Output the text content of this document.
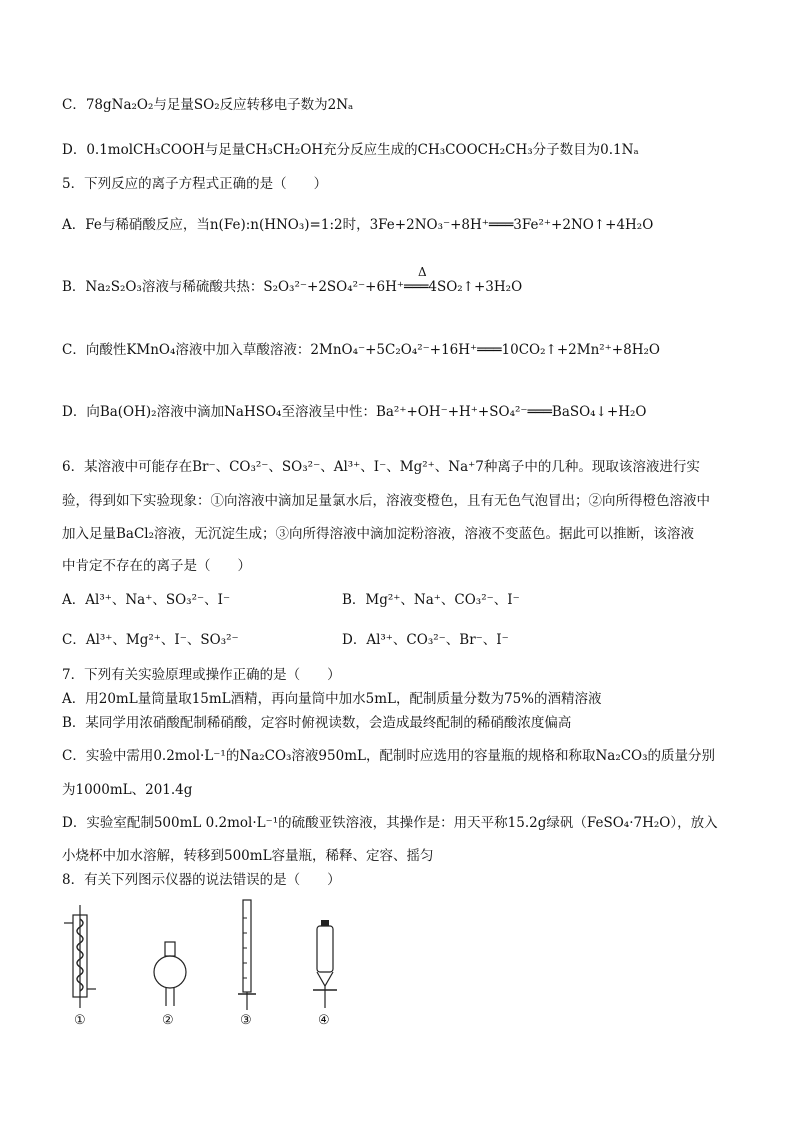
C．78gNa₂O₂与足量SO₂反应转移电子数为2Nₐ
D．0.1molCH₃COOH与足量CH₃CH₂OH充分反应生成的CH₃COOCH₂CH₃分子数目为0.1Nₐ
5．下列反应的离子方程式正确的是（　　）
A．Fe与稀硝酸反应，当n(Fe):n(HNO₃)=1:2时，3Fe+2NO₃⁻+8H⁺═══3Fe²⁺+2NO↑+4H₂O
B．Na₂S₂O₃溶液与稀硫酸共热：S₂O₃²⁻+2SO₄²⁻+6H⁺═══4SO₂↑+3H₂O
Δ
C．向酸性KMnO₄溶液中加入草酸溶液：2MnO₄⁻+5C₂O₄²⁻+16H⁺═══10CO₂↑+2Mn²⁺+8H₂O
D．向Ba(OH)₂溶液中滴加NaHSO₄至溶液呈中性：Ba²⁺+OH⁻+H⁺+SO₄²⁻═══BaSO₄↓+H₂O
6．某溶液中可能存在Br⁻、CO₃²⁻、SO₃²⁻、Al³⁺、I⁻、Mg²⁺、Na⁺7种离子中的几种。现取该溶液进行实
验，得到如下实验现象：①向溶液中滴加足量氯水后，溶液变橙色，且有无色气泡冒出；②向所得橙色溶液中
加入足量BaCl₂溶液，无沉淀生成；③向所得溶液中滴加淀粉溶液，溶液不变蓝色。据此可以推断，该溶液
中肯定不存在的离子是（　　）
A．Al³⁺、Na⁺、SO₃²⁻、I⁻	B．Mg²⁺、Na⁺、CO₃²⁻、I⁻
C．Al³⁺、Mg²⁺、I⁻、SO₃²⁻	D．Al³⁺、CO₃²⁻、Br⁻、I⁻
7．下列有关实验原理或操作正确的是（　　）
A．用20mL量筒量取15mL酒精，再向量筒中加水5mL，配制质量分数为75%的酒精溶液
B．某同学用浓硝酸配制稀硝酸，定容时俯视读数，会造成最终配制的稀硝酸浓度偏高
C．实验中需用0.2mol·L⁻¹的Na₂CO₃溶液950mL，配制时应选用的容量瓶的规格和称取Na₂CO₃的质量分别
为1000mL、201.4g
D．实验室配制500mL 0.2mol·L⁻¹的硫酸亚铁溶液，其操作是：用天平称15.2g绿矾（FeSO₄·7H₂O），放入
小烧杯中加水溶解，转移到500mL容量瓶，稀释、定容、摇匀
8．有关下列图示仪器的说法错误的是（　　）
①	②	③	④
